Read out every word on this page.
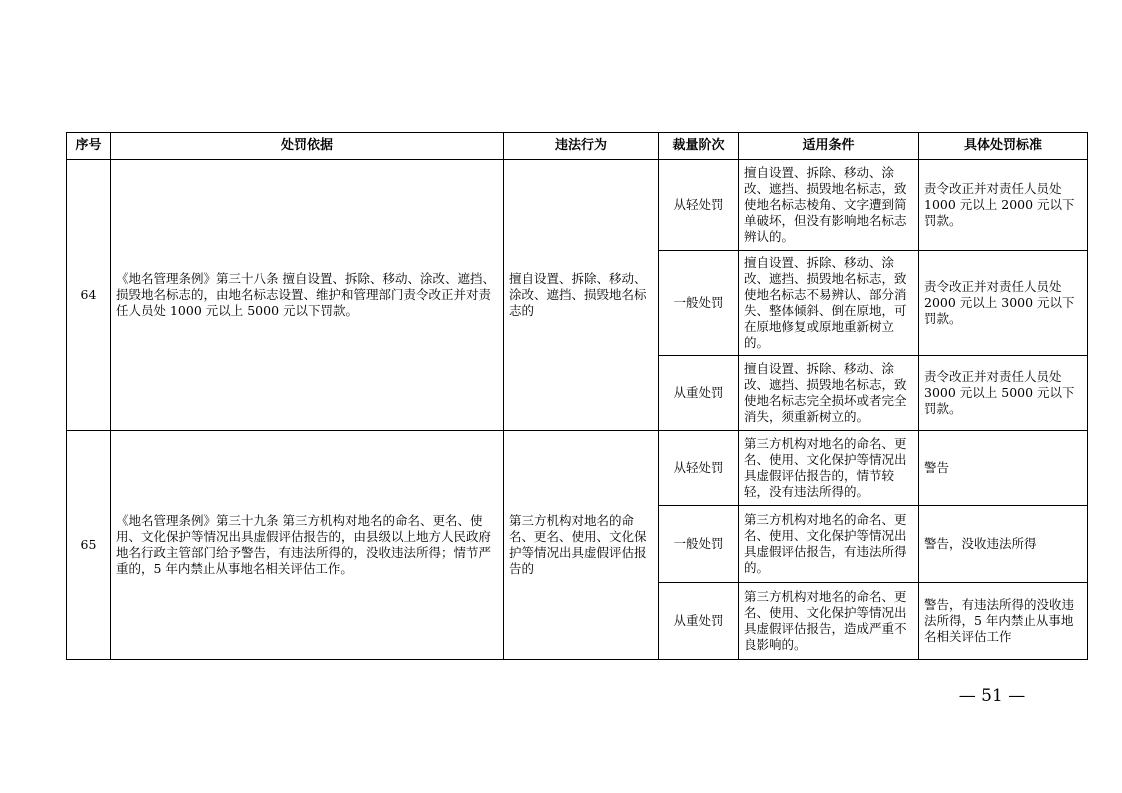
序号	处罚依据	违法行为	裁量阶次	适用条件	具体处罚标准
64	《地名管理条例》第三十八条 擅自设置、拆除、移动、涂改、遮挡、损毁地名标志的，由地名标志设置、维护和管理部门责令改正并对责任人员处 1000 元以上 5000 元以下罚款。	擅自设置、拆除、移动、涂改、遮挡、损毁地名标志的	从轻处罚	擅自设置、拆除、移动、涂改、遮挡、损毁地名标志，致使地名标志棱角、文字遭到简单破坏，但没有影响地名标志辨认的。	责令改正并对责任人员处 1000 元以上 2000 元以下罚款。
			一般处罚	擅自设置、拆除、移动、涂改、遮挡、损毁地名标志，致使地名标志不易辨认、部分消失、整体倾斜、倒在原地，可在原地修复或原地重新树立的。	责令改正并对责任人员处 2000 元以上 3000 元以下罚款。
			从重处罚	擅自设置、拆除、移动、涂改、遮挡、损毁地名标志，致使地名标志完全损坏或者完全消失，须重新树立的。	责令改正并对责任人员处 3000 元以上 5000 元以下罚款。
65	《地名管理条例》第三十九条 第三方机构对地名的命名、更名、使用、文化保护等情况出具虚假评估报告的，由县级以上地方人民政府地名行政主管部门给予警告，有违法所得的，没收违法所得；情节严重的，5 年内禁止从事地名相关评估工作。	第三方机构对地名的命名、更名、使用、文化保护等情况出具虚假评估报告的	从轻处罚	第三方机构对地名的命名、更名、使用、文化保护等情况出具虚假评估报告的，情节较轻，没有违法所得的。	警告
			一般处罚	第三方机构对地名的命名、更名、使用、文化保护等情况出具虚假评估报告，有违法所得的。	警告，没收违法所得
			从重处罚	第三方机构对地名的命名、更名、使用、文化保护等情况出具虚假评估报告，造成严重不良影响的。	警告，有违法所得的没收违法所得，5 年内禁止从事地名相关评估工作
— 51 —
